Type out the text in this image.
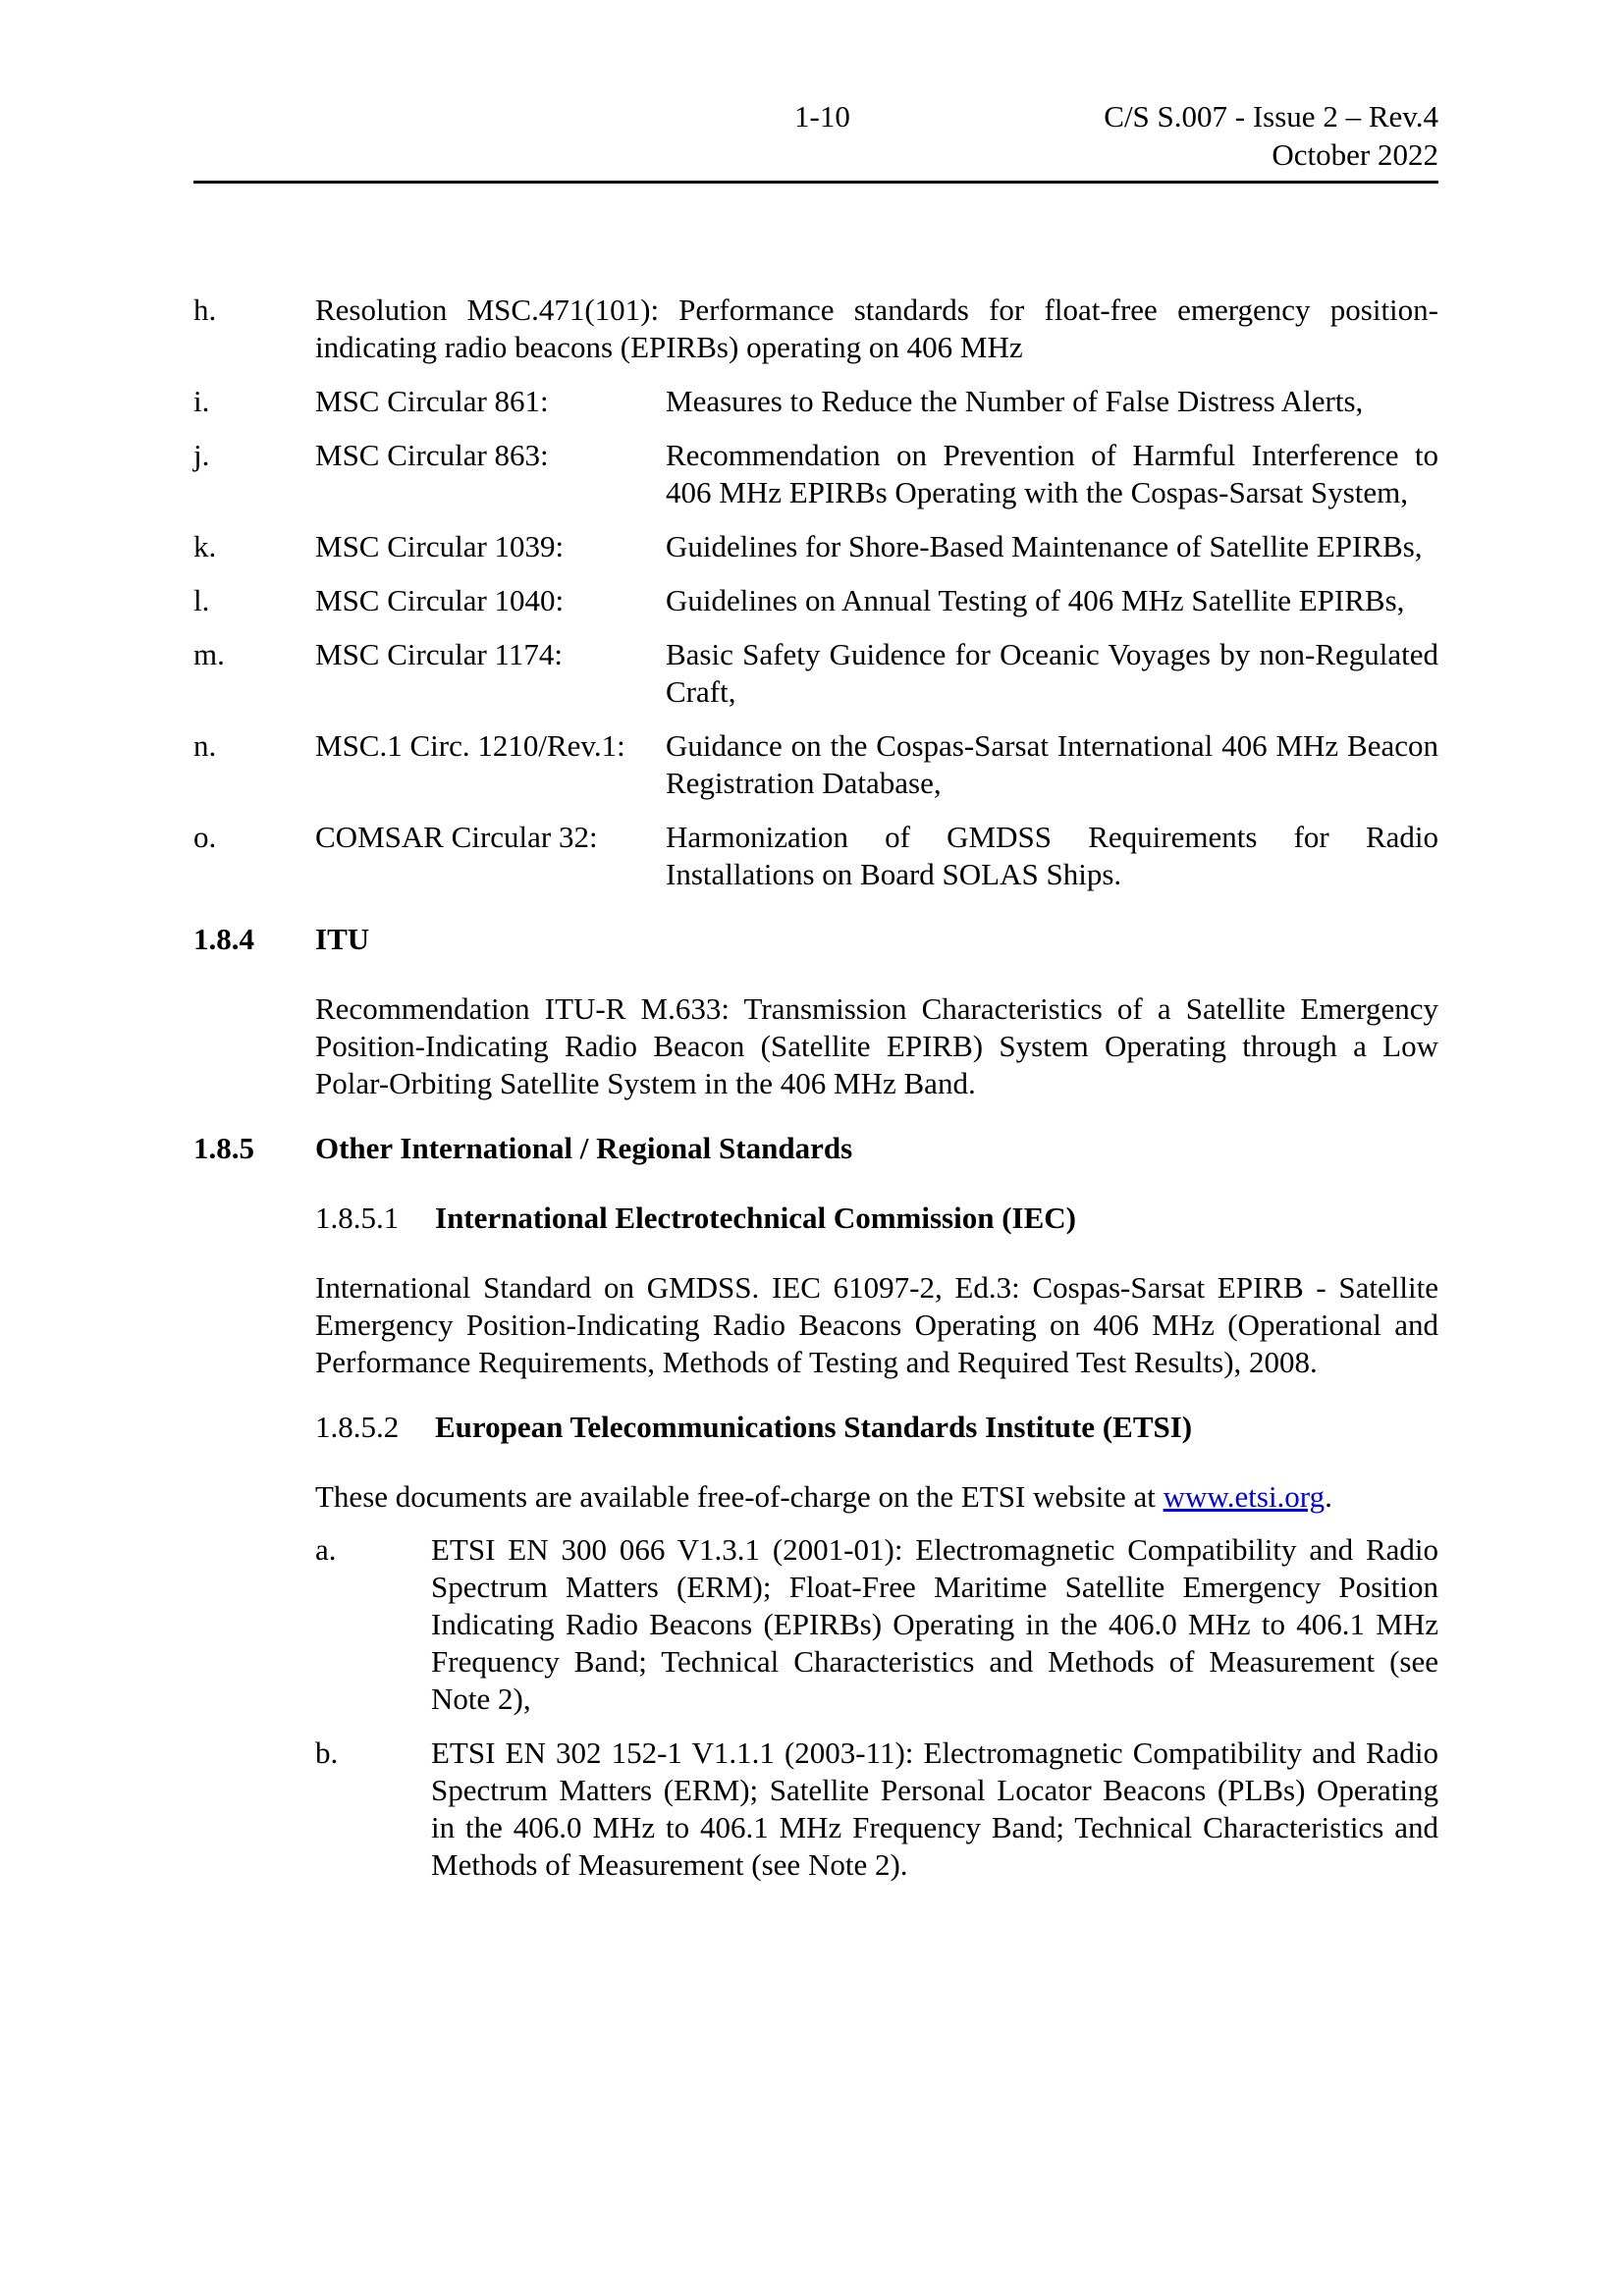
1-10	C/S S.007 - Issue 2 – Rev.4
October 2022
h.	Resolution MSC.471(101): Performance standards for float-free emergency position-indicating radio beacons (EPIRBs) operating on 406 MHz
i.	MSC Circular 861:	Measures to Reduce the Number of False Distress Alerts,
j.	MSC Circular 863:	Recommendation on Prevention of Harmful Interference to 406 MHz EPIRBs Operating with the Cospas-Sarsat System,
k.	MSC Circular 1039:	Guidelines for Shore-Based Maintenance of Satellite EPIRBs,
l.	MSC Circular 1040:	Guidelines on Annual Testing of 406 MHz Satellite EPIRBs,
m.	MSC Circular 1174:	Basic Safety Guidence for Oceanic Voyages by non-Regulated Craft,
n.	MSC.1 Circ. 1210/Rev.1: Guidance on the Cospas-Sarsat International 406 MHz Beacon Registration Database,
o.	COMSAR Circular 32: Harmonization of GMDSS Requirements for Radio Installations on Board SOLAS Ships.
1.8.4 ITU
Recommendation ITU-R M.633: Transmission Characteristics of a Satellite Emergency Position-Indicating Radio Beacon (Satellite EPIRB) System Operating through a Low Polar-Orbiting Satellite System in the 406 MHz Band.
1.8.5 Other International / Regional Standards
1.8.5.1 International Electrotechnical Commission (IEC)
International Standard on GMDSS. IEC 61097-2, Ed.3: Cospas-Sarsat EPIRB - Satellite Emergency Position-Indicating Radio Beacons Operating on 406 MHz (Operational and Performance Requirements, Methods of Testing and Required Test Results), 2008.
1.8.5.2 European Telecommunications Standards Institute (ETSI)
These documents are available free-of-charge on the ETSI website at www.etsi.org.
a.	ETSI EN 300 066 V1.3.1 (2001-01): Electromagnetic Compatibility and Radio Spectrum Matters (ERM); Float-Free Maritime Satellite Emergency Position Indicating Radio Beacons (EPIRBs) Operating in the 406.0 MHz to 406.1 MHz Frequency Band; Technical Characteristics and Methods of Measurement (see Note 2),
b.	ETSI EN 302 152-1 V1.1.1 (2003-11): Electromagnetic Compatibility and Radio Spectrum Matters (ERM); Satellite Personal Locator Beacons (PLBs) Operating in the 406.0 MHz to 406.1 MHz Frequency Band; Technical Characteristics and Methods of Measurement (see Note 2).
